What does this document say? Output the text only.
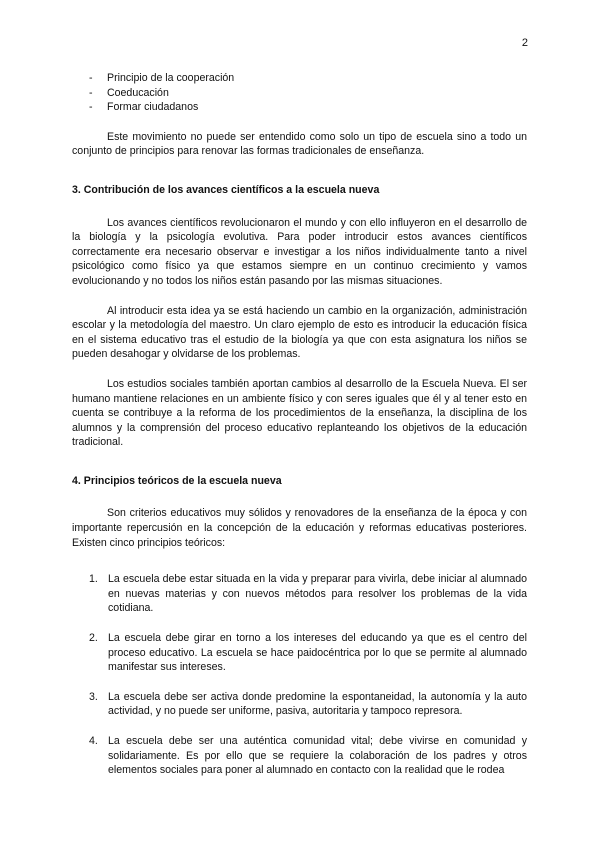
2
- Principio de la cooperación
- Coeducación
- Formar ciudadanos

Este movimiento no puede ser entendido como solo un tipo de escuela sino a todo un conjunto de principios para renovar las formas tradicionales de enseñanza.

3. Contribución de los avances científicos a la escuela nueva

Los avances científicos revolucionaron el mundo y con ello influyeron en el desarrollo de la biología y la psicología evolutiva. Para poder introducir estos avances científicos correctamente era necesario observar e investigar a los niños individualmente tanto a nivel psicológico como físico ya que estamos siempre en un continuo crecimiento y vamos evolucionando y no todos los niños están pasando por las mismas situaciones.

Al introducir esta idea ya se está haciendo un cambio en la organización, administración escolar y la metodología del maestro. Un claro ejemplo de esto es introducir la educación física en el sistema educativo tras el estudio de la biología ya que con esta asignatura los niños se pueden desahogar y olvidarse de los problemas.

Los estudios sociales también aportan cambios al desarrollo de la Escuela Nueva. El ser humano mantiene relaciones en un ambiente físico y con seres iguales que él y al tener esto en cuenta se contribuye a la reforma de los procedimientos de la enseñanza, la disciplina de los alumnos y la comprensión del proceso educativo replanteando los objetivos de la educación tradicional.

4. Principios teóricos de la escuela nueva

Son criterios educativos muy sólidos y renovadores de la enseñanza de la época y con importante repercusión en la concepción de la educación y reformas educativas posteriores. Existen cinco principios teóricos:

1. La escuela debe estar situada en la vida y preparar para vivirla, debe iniciar al alumnado en nuevas materias y con nuevos métodos para resolver los problemas de la vida cotidiana.
2. La escuela debe girar en torno a los intereses del educando ya que es el centro del proceso educativo. La escuela se hace paidocéntrica por lo que se permite al alumnado manifestar sus intereses.
3. La escuela debe ser activa donde predomine la espontaneidad, la autonomía y la auto actividad, y no puede ser uniforme, pasiva, autoritaria y tampoco represora.
4. La escuela debe ser una auténtica comunidad vital; debe vivirse en comunidad y solidariamente. Es por ello que se requiere la colaboración de los padres y otros elementos sociales para poner al alumnado en contacto con la realidad que le rodea
